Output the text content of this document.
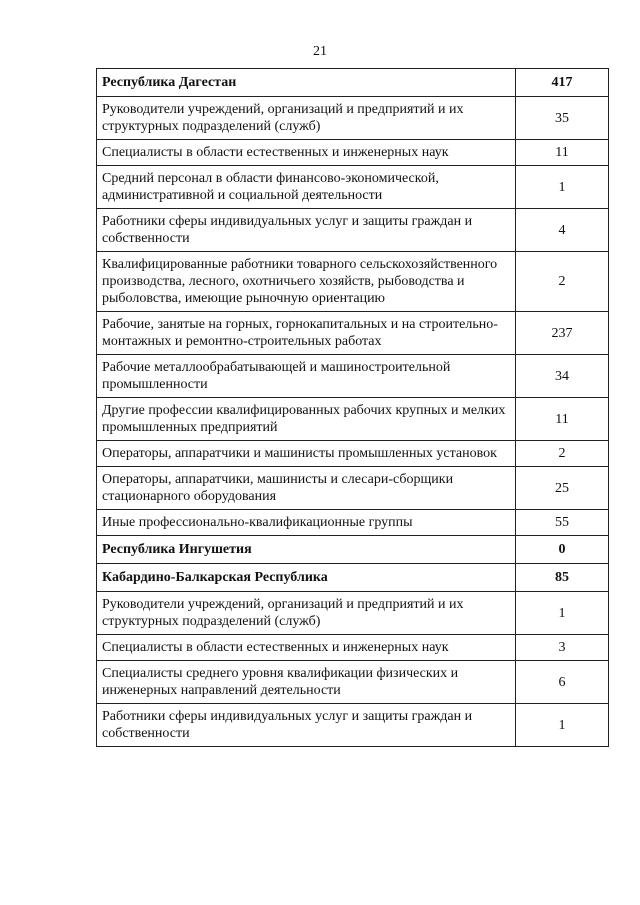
21
Республика Дагестан	417
Руководители учреждений, организаций и предприятий и их структурных подразделений (служб)	35
Специалисты в области естественных и инженерных наук	11
Средний персонал в области финансово-экономической, административной и социальной деятельности	1
Работники сферы индивидуальных услуг и защиты граждан и собственности	4
Квалифицированные работники товарного сельскохозяйственного производства, лесного, охотничьего хозяйств, рыбоводства и рыболовства, имеющие рыночную ориентацию	2
Рабочие, занятые на горных, горнокапитальных и на строительно-монтажных и ремонтно-строительных работах	237
Рабочие металлообрабатывающей и машиностроительной промышленности	34
Другие профессии квалифицированных рабочих крупных и мелких промышленных предприятий	11
Операторы, аппаратчики и машинисты промышленных установок	2
Операторы, аппаратчики, машинисты и слесари-сборщики стационарного оборудования	25
Иные профессионально-квалификационные группы	55
Республика Ингушетия	0
Кабардино-Балкарская Республика	85
Руководители учреждений, организаций и предприятий и их структурных подразделений (служб)	1
Специалисты в области естественных и инженерных наук	3
Специалисты среднего уровня квалификации физических и инженерных направлений деятельности	6
Работники сферы индивидуальных услуг и защиты граждан и собственности	1
